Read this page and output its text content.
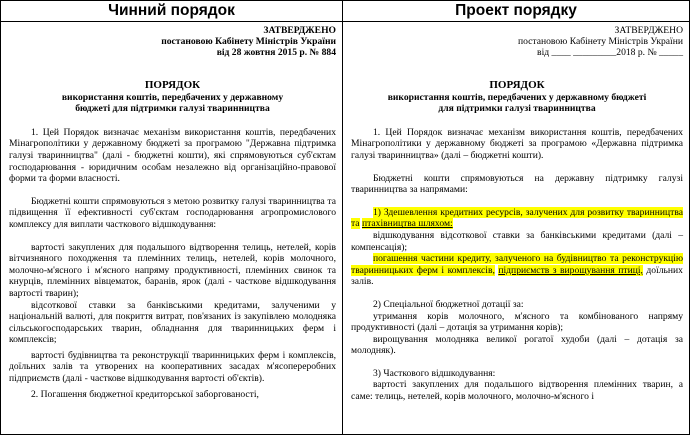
Чинний порядок
ЗАТВЕРДЖЕНО
постановою Кабінету Міністрів України
від 28 жовтня 2015 р. № 884
ПОРЯДОК
використання коштів, передбачених у державному
бюджеті для підтримки галузі тваринництва

1. Цей Порядок визначає механізм використання коштів, передбачених Мінагрополітики у державному бюджеті за програмою "Державна підтримка галузі тваринництва" (далі - бюджетні кошти), які спрямовуються суб'єктам господарювання - юридичним особам незалежно від організаційно-правової форми та форми власності.

Бюджетні кошти спрямовуються з метою розвитку галузі тваринництва та підвищення її ефективності суб'єктам господарювання агропромислового комплексу для виплати часткового відшкодування:

вартості закуплених для подальшого відтворення телиць, нетелей, корів вітчизняного походження та племінних телиць, нетелей, корів молочного, молочно-м'ясного і м'ясного напряму продуктивності, племінних свинок та кнурців, племінних вівцематок, баранів, ярок (далі - часткове відшкодування вартості тварин);

відсоткової ставки за банківськими кредитами, залученими у національній валюті, для покриття витрат, пов'язаних із закупівлею молодняка сільськогосподарських тварин, обладнання для тваринницьких ферм і комплексів;

вартості будівництва та реконструкції тваринницьких ферм і комплексів, доїльних залів та утворених на кооперативних засадах м'ясопереробних підприємств (далі - часткове відшкодування вартості об'єктів).

2. Погашення бюджетної кредиторської заборгованості,

Проект порядку
ЗАТВЕРДЖЕНО
постановою Кабінету Міністрів України
від ____ _________2018 р. № _____
ПОРЯДОК
використання коштів, передбачених у державному бюджеті
для підтримки галузі тваринництва

1. Цей Порядок визначає механізм використання коштів, передбачених Мінагрополітики у державному бюджеті за програмою «Державна підтримка галузі тваринництва» (далі – бюджетні кошти).

Бюджетні кошти спрямовуються на державну підтримку галузі тваринництва за напрямами:

1) Здешевлення кредитних ресурсів, залучених для розвитку тваринництва та птахівництва шляхом:

відшкодування відсоткової ставки за банківськими кредитами (далі – компенсація);

погашення частини кредиту, залученого на будівництво та реконструкцію тваринницьких ферм і комплексів, підприємств з вирощування птиці, доїльних залів.

2) Спеціальної бюджетної дотації за:

утримання корів молочного, м'ясного та комбінованого напряму продуктивності (далі – дотація за утримання корів);

вирощування молодняка великої рогатої худоби (далі – дотація за молодняк).

3) Часткового відшкодування:

вартості закуплених для подальшого відтворення племінних тварин, а саме: телиць, нетелей, корів молочного, молочно-м'ясного і
